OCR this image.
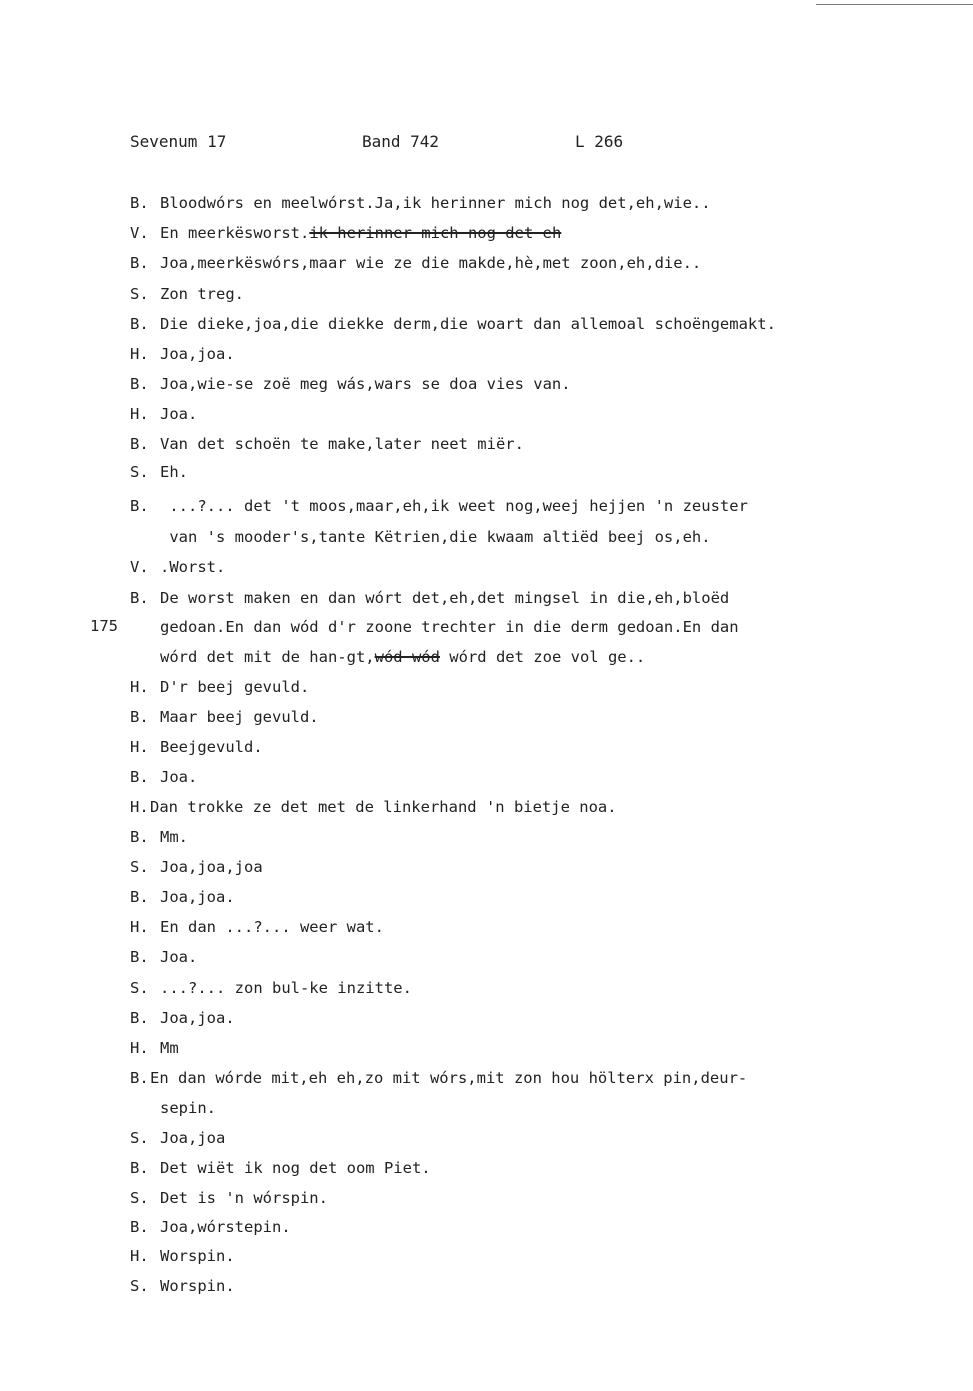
Sevenum 17	Band 742	L 266
175
B. Bloodwórs en meelwórst.Ja,ik herinner mich nog det,eh,wie..
V. En meerkësworst.ik herinner mich nog det eh
B. Joa,meerkëswórs,maar wie ze die makde,hè,met zoon,eh,die..
S. Zon treg.
B. Die dieke,joa,die diekke derm,die woart dan allemoal schoëngemakt.
H. Joa,joa.
B. Joa,wie-se zoë meg wás,wars se doa vies van.
H. Joa.
B. Van det schoën te make,later neet miër.
S. Eh.
B. ...?... det 't moos,maar,eh,ik weet nog,weej hejjen 'n zeuster
van 's mooder's,tante Këtrien,die kwaam altiëd beej os,eh.
V. .Worst.
B. De worst maken en dan wórt det,eh,det mingsel in die,eh,bloëd
gedoan.En dan wód d'r zoone trechter in die derm gedoan.En dan
wórd det mit de han-gt,wód wód wórd det zoe vol ge..
H. D'r beej gevuld.
B. Maar beej gevuld.
H. Beejgevuld.
B. Joa.
H.Dan trokke ze det met de linkerhand 'n bietje noa.
B. Mm.
S. Joa,joa,joa
B. Joa,joa.
H. En dan ...?... weer wat.
B. Joa.
S. ...?... zon bul-ke inzitte.
B. Joa,joa.
H. Mm
B.En dan wórde mit,eh eh,zo mit wórs,mit zon hou hölterx pin,deur-
sepin.
S. Joa,joa
B. Det wiët ik nog det oom Piet.
S. Det is 'n wórspin.
B. Joa,wórstepin.
H. Worspin.
S. Worspin.
